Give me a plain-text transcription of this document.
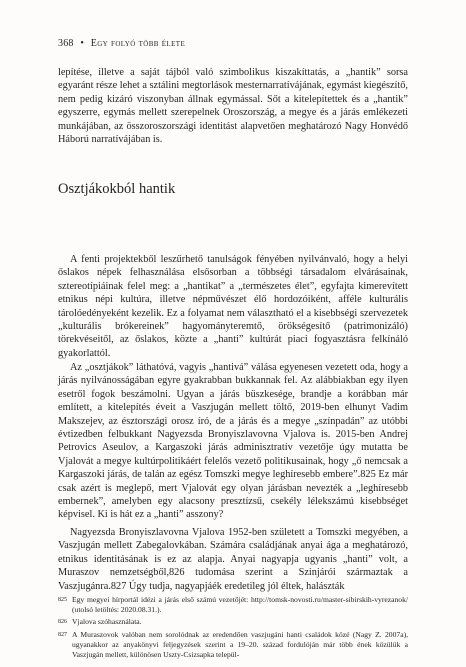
368 • Egy folyó több élete
lepítése, illetve a saját tájból való szimbolikus kiszakíttatás, a „hantik” sorsa egyaránt része lehet a sztálini megtorlások mesternarratívájának, egymást kiegészítő, nem pedig kizáró viszonyban állnak egymással. Sőt a kitelepítettek és a „hantik” egyszerre, egymás mellett szerepelnek Oroszország, a megye és a járás emlékezeti munkájában, az összoroszországi identitást alapvetően meghatározó Nagy Honvédő Háború narratívájában is.
Osztjákokból hantik
A fenti projektekből leszűrhető tanulságok fényében nyilvánvaló, hogy a helyi őslakos népek felhasználása elsősorban a többségi társadalom elvárásainak, sztereotípiáinak felel meg: a „hantikat” a „természetes élet”, egyfajta kimerevített etnikus népi kultúra, illetve népművészet élő hordozóiként, afféle kulturális tárolóedényeként kezelik. Ez a folyamat nem választható el a kisebbségi szervezetek „kulturális brókereinek” hagyományteremtő, örökségesítő (patrimonizáló) törekvéseitől, az őslakos, közte a „hanti” kultúrát piaci fogyasztásra felkínáló gyakorlattól.
Az „osztjákok” láthatóvá, vagyis „hantivá” válása egyenesen vezetett oda, hogy a járás nyilvánosságában egyre gyakrabban bukkannak fel. Az alábbiakban egy ilyen esetről fogok beszámolni. Ugyan a járás büszkesége, brandje a korábban már említett, a kitelepítés éveit a Vaszjugán mellett töltő, 2019-ben elhunyt Vadim Makszejev, az észtországi orosz író, de a járás és a megye „színpadán” az utóbbi évtizedben felbukkant Nagyezsda Bronyiszlavovna Vjalova is. 2015-ben Andrej Petrovics Aseulov, a Kargaszoki járás adminisztratív vezetője úgy mutatta be Vjalovát a megye kultúrpolitikáért felelős vezető politikusainak, hogy „ő nemcsak a Kargaszoki járás, de talán az egész Tomszki megye leghíresebb embere”.825 Ez már csak azért is meglepő, mert Vjalovát egy olyan járásban nevezték a „leghíresebb embernek”, amelyben egy alacsony presztízsű, csekély lélekszámú kisebbséget képvisel. Ki is hát ez a „hanti” asszony?
Nagyezsda Bronyiszlavovna Vjalova 1952-ben született a Tomszki megyében, a Vaszjugán mellett Zabegalovkában. Számára családjának anyai ága a meghatározó, etnikus identitásának is ez az alapja. Anyai nagyapja ugyanis „hanti” volt, a Muraszov nemzetségből,826 tudomása szerint a Szinjárói származtak a Vaszjugánra.827 Úgy tudja, nagyapjáék eredetileg jól éltek, halászták
825 Egy megyei hírportál idézi a járás első számú vezetőjét: http://tomsk-novosti.ru/master-sibirskih-vyrezanok/ (utolsó letöltés: 2020.08.31.).
826 Vjalova szóhasználata.
827 A Muraszovok valóban nem sorolódnak az eredendően vaszjugáni hanti családok közé (Nagy Z. 2007a), ugyanakkor az anyakönyvi feljegyzések szerint a 19–20. század fordulóján már több ének közülük a Vaszjugán mellett, különösen Uszty-Csizsapka települ-
